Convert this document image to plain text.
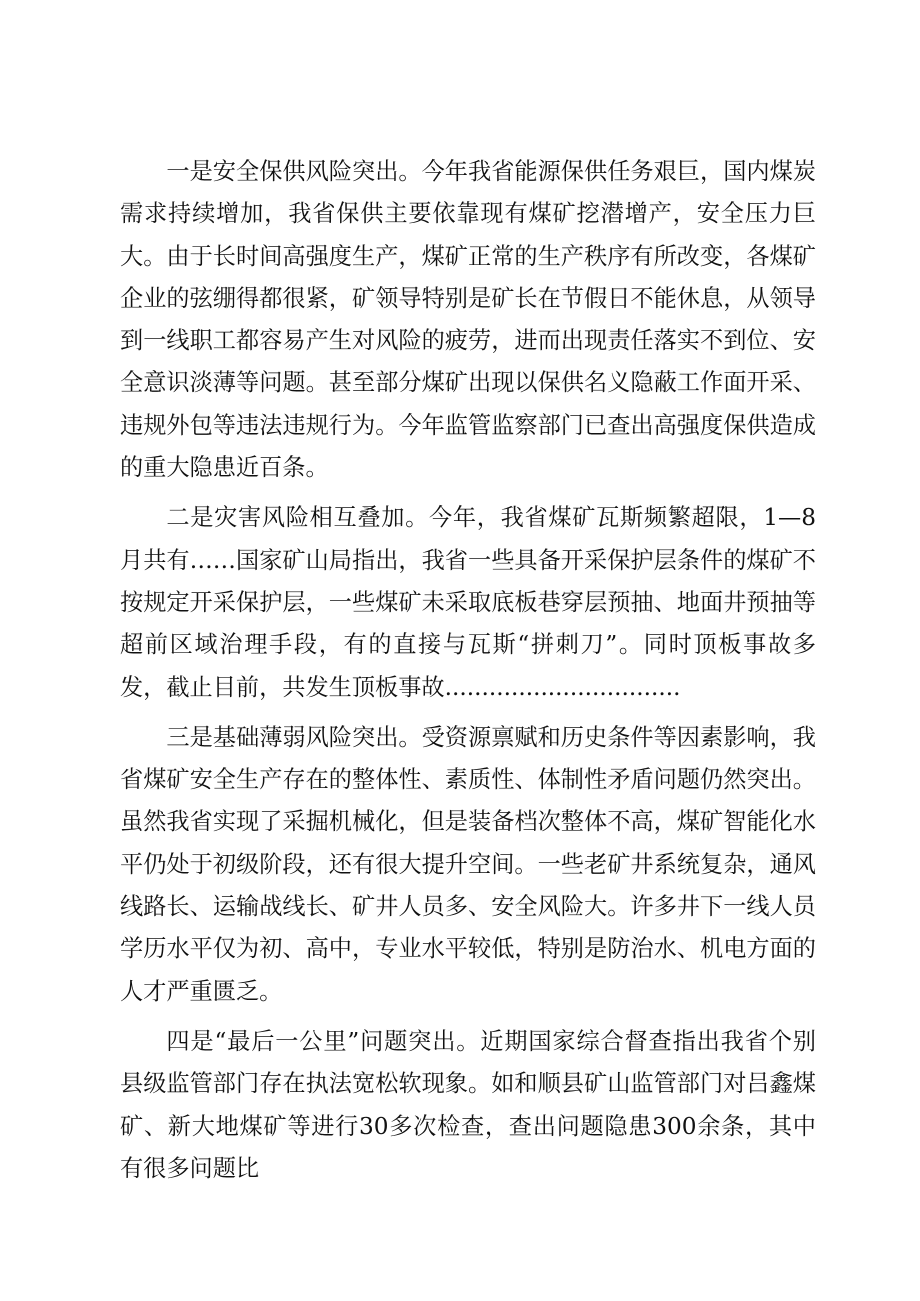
一是安全保供风险突出。今年我省能源保供任务艰巨，国内煤炭需求持续增加，我省保供主要依靠现有煤矿挖潜增产，安全压力巨大。由于长时间高强度生产，煤矿正常的生产秩序有所改变，各煤矿企业的弦绷得都很紧，矿领导特别是矿长在节假日不能休息，从领导到一线职工都容易产生对风险的疲劳，进而出现责任落实不到位、安全意识淡薄等问题。甚至部分煤矿出现以保供名义隐蔽工作面开采、违规外包等违法违规行为。今年监管监察部门已查出高强度保供造成的重大隐患近百条。

二是灾害风险相互叠加。今年，我省煤矿瓦斯频繁超限，1—8月共有……国家矿山局指出，我省一些具备开采保护层条件的煤矿不按规定开采保护层，一些煤矿未采取底板巷穿层预抽、地面井预抽等超前区域治理手段，有的直接与瓦斯“拼刺刀”。同时顶板事故多发，截止目前，共发生顶板事故................................

三是基础薄弱风险突出。受资源禀赋和历史条件等因素影响，我省煤矿安全生产存在的整体性、素质性、体制性矛盾问题仍然突出。虽然我省实现了采掘机械化，但是装备档次整体不高，煤矿智能化水平仍处于初级阶段，还有很大提升空间。一些老矿井系统复杂，通风线路长、运输战线长、矿井人员多、安全风险大。许多井下一线人员学历水平仅为初、高中，专业水平较低，特别是防治水、机电方面的人才严重匮乏。

四是“最后一公里”问题突出。近期国家综合督查指出我省个别县级监管部门存在执法宽松软现象。如和顺县矿山监管部门对吕鑫煤矿、新大地煤矿等进行30多次检查，查出问题隐患300余条，其中有很多问题比
